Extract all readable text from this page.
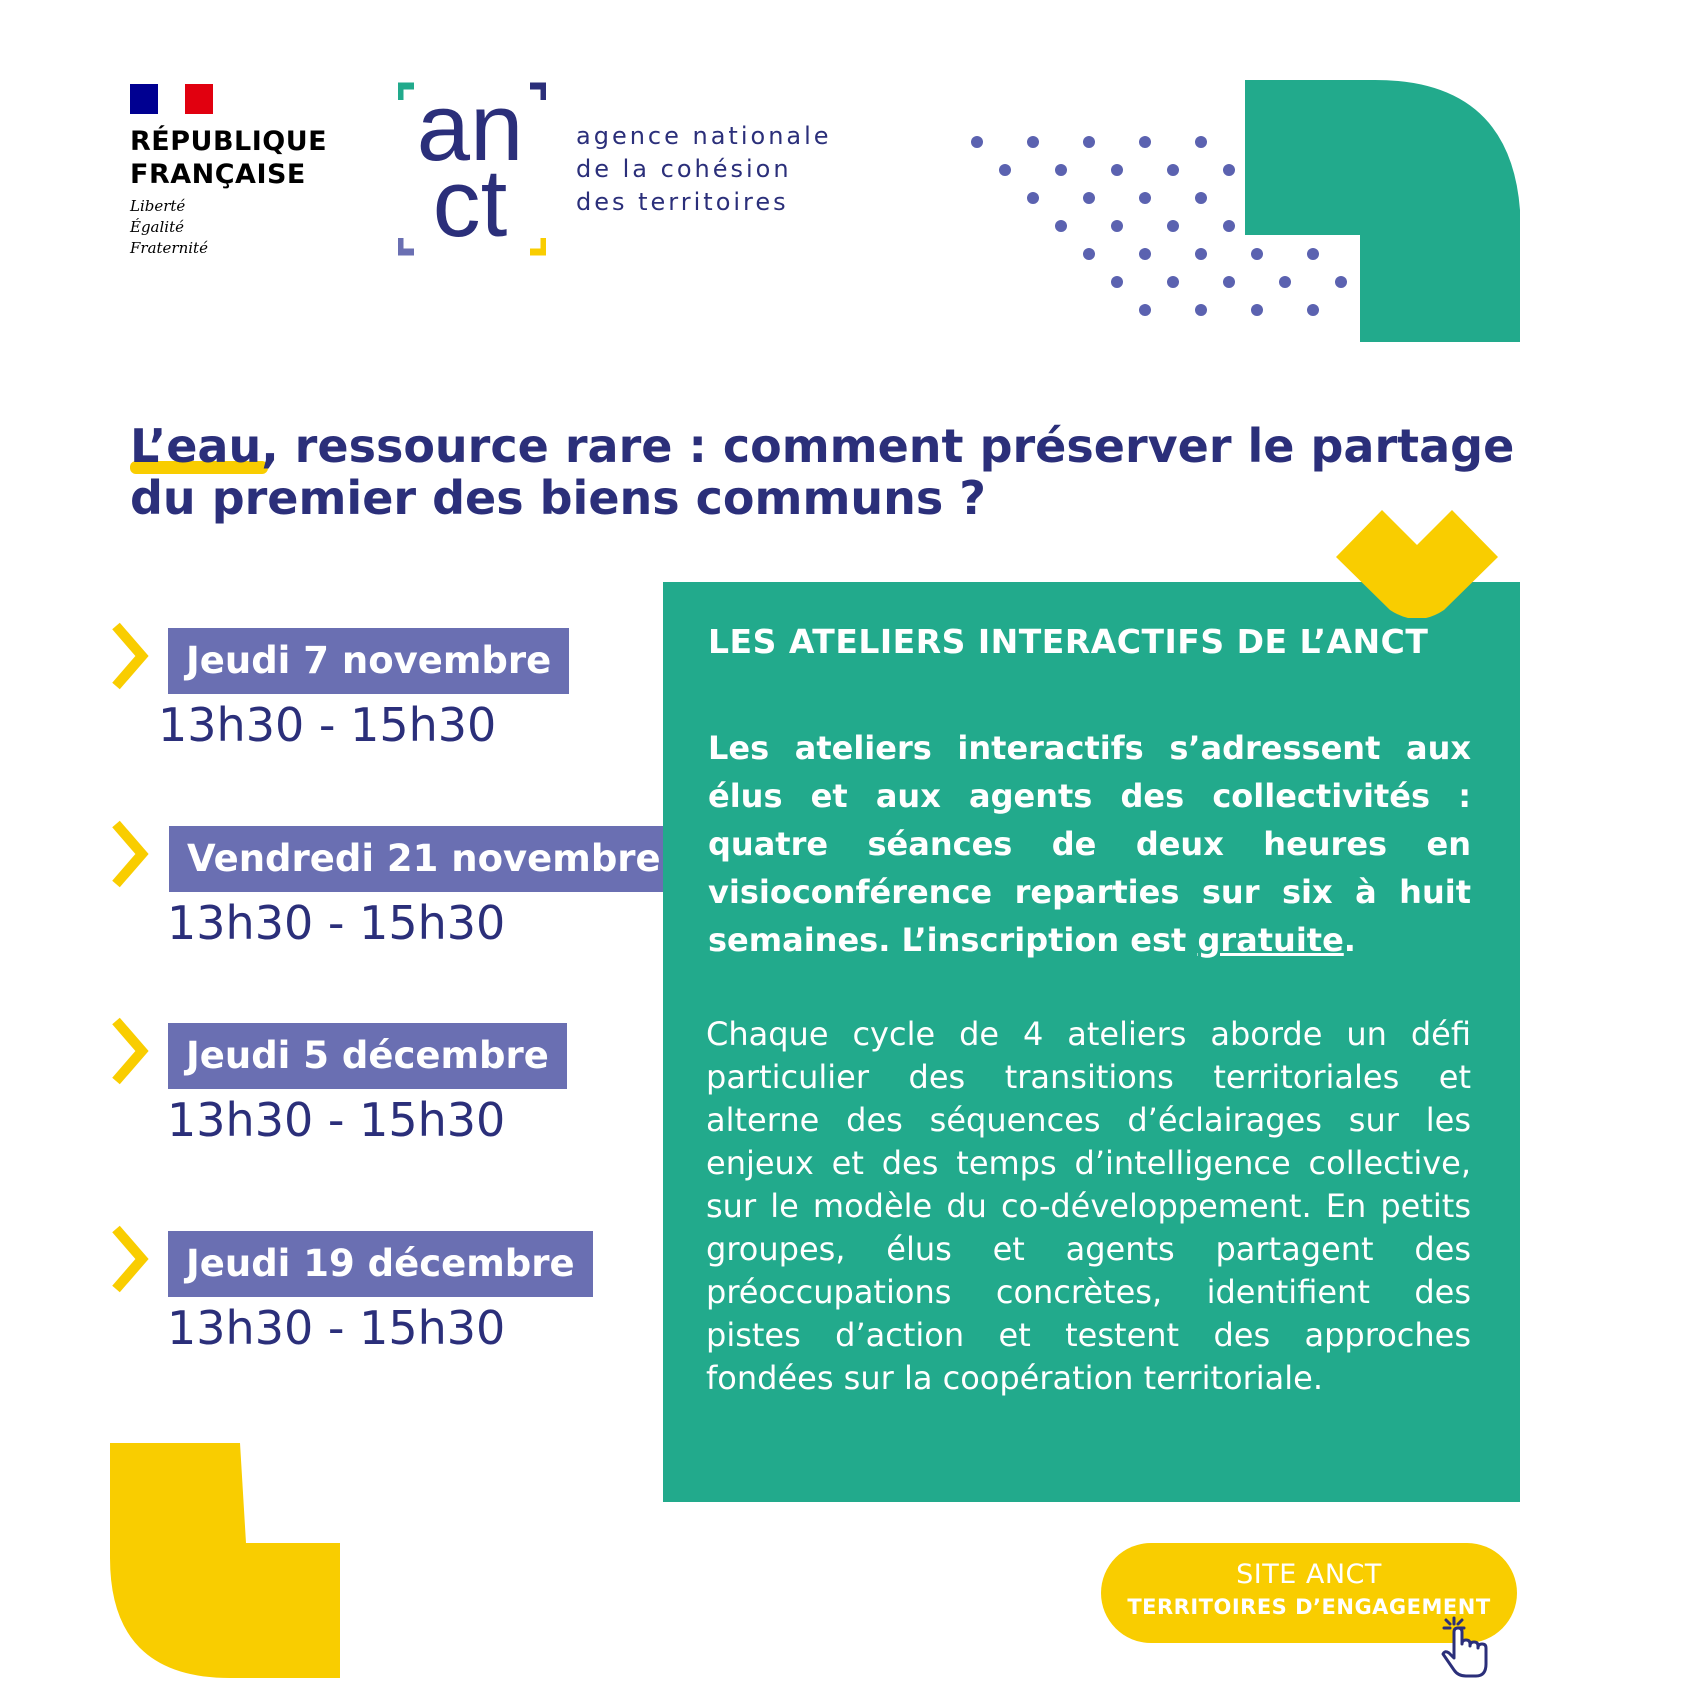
RÉPUBLIQUE
FRANÇAISE
Liberté
Égalité
Fraternité
an
ct
agence nationale
de la cohésion
des territoires
L’eau, ressource rare : comment préserver le partage
du premier des biens communs ?
Jeudi 7 novembre
13h30 - 15h30
Vendredi 21 novembre
13h30 - 15h30
Jeudi 5 décembre
13h30 - 15h30
Jeudi 19 décembre
13h30 - 15h30
LES ATELIERS INTERACTIFS DE L’ANCT
Les ateliers interactifs s’adressent aux élus et aux agents des collectivités : quatre séances de deux heures en visioconférence reparties sur six à huit semaines. L’inscription est gratuite.
Chaque cycle de 4 ateliers aborde un défi particulier des transitions territoriales et alterne des séquences d’éclairages sur les enjeux et des temps d’intelligence collective, sur le modèle du co-développement. En petits groupes, élus et agents partagent des préoccupations concrètes, identifient des pistes d’action et testent des approches fondées sur la coopération territoriale.
SITE ANCT
TERRITOIRES D’ENGAGEMENT
